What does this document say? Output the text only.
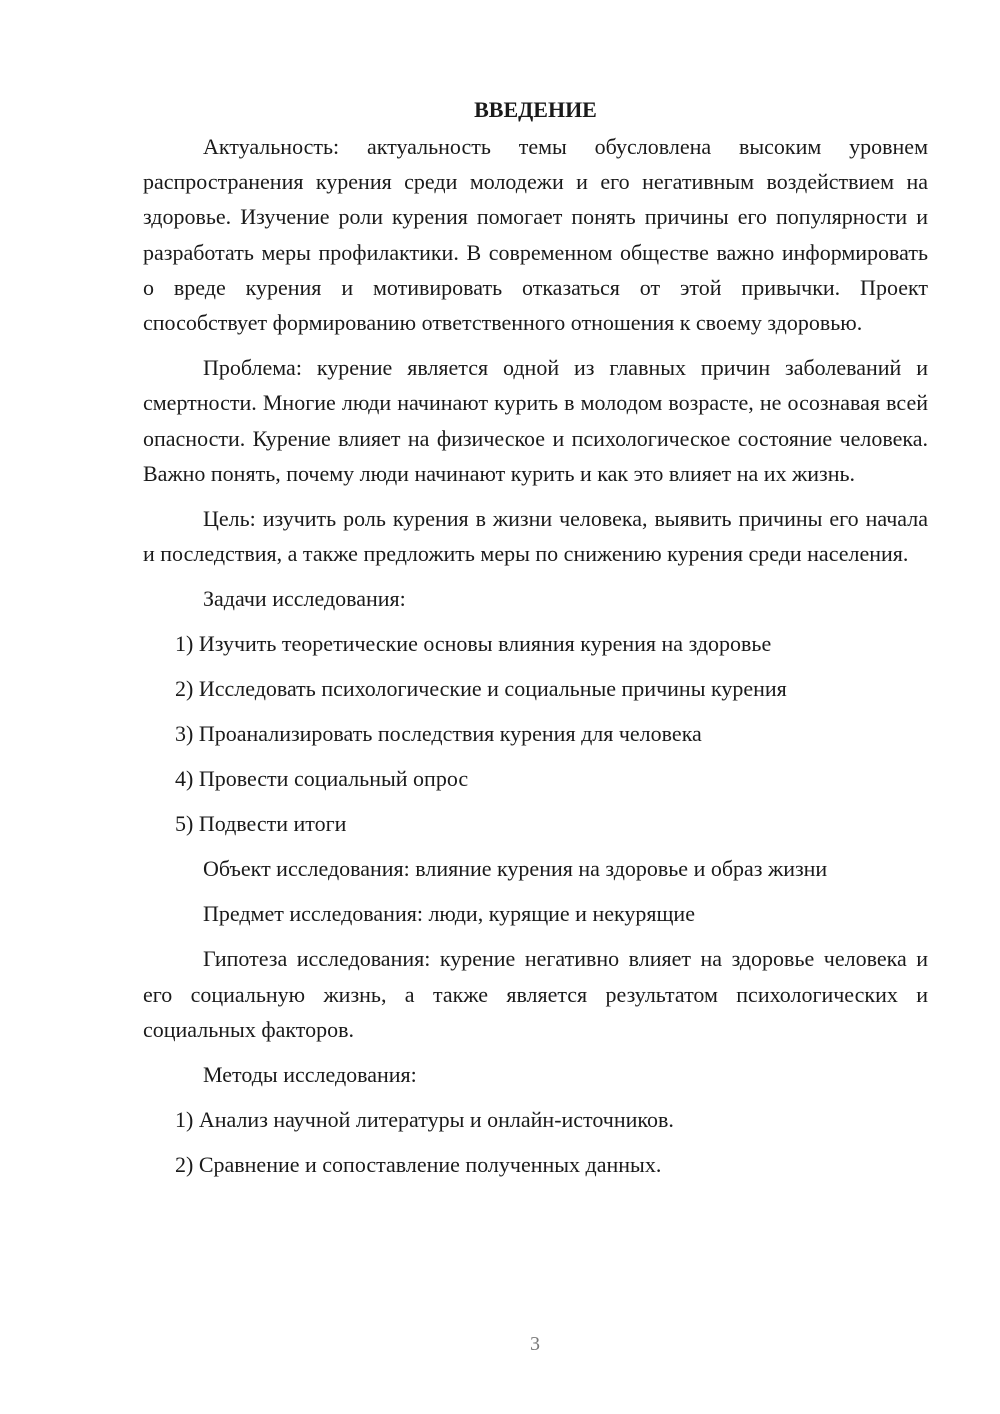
ВВЕДЕНИЕ

Актуальность: актуальность темы обусловлена высоким уровнем распространения курения среди молодежи и его негативным воздействием на здоровье. Изучение роли курения помогает понять причины его популярности и разработать меры профилактики. В современном обществе важно информировать о вреде курения и мотивировать отказаться от этой привычки. Проект способствует формированию ответственного отношения к своему здоровью.

Проблема: курение является одной из главных причин заболеваний и смертности. Многие люди начинают курить в молодом возрасте, не осознавая всей опасности. Курение влияет на физическое и психологическое состояние человека. Важно понять, почему люди начинают курить и как это влияет на их жизнь.

Цель: изучить роль курения в жизни человека, выявить причины его начала и последствия, а также предложить меры по снижению курения среди населения.

Задачи исследования:

1) Изучить теоретические основы влияния курения на здоровье

2) Исследовать психологические и социальные причины курения

3) Проанализировать последствия курения для человека

4) Провести социальный опрос

5) Подвести итоги

Объект исследования: влияние курения на здоровье и образ жизни

Предмет исследования: люди, курящие и некурящие

Гипотеза исследования: курение негативно влияет на здоровье человека и его социальную жизнь, а также является результатом психологических и социальных факторов.

Методы исследования:

1) Анализ научной литературы и онлайн-источников.

2) Сравнение и сопоставление полученных данных.

3
